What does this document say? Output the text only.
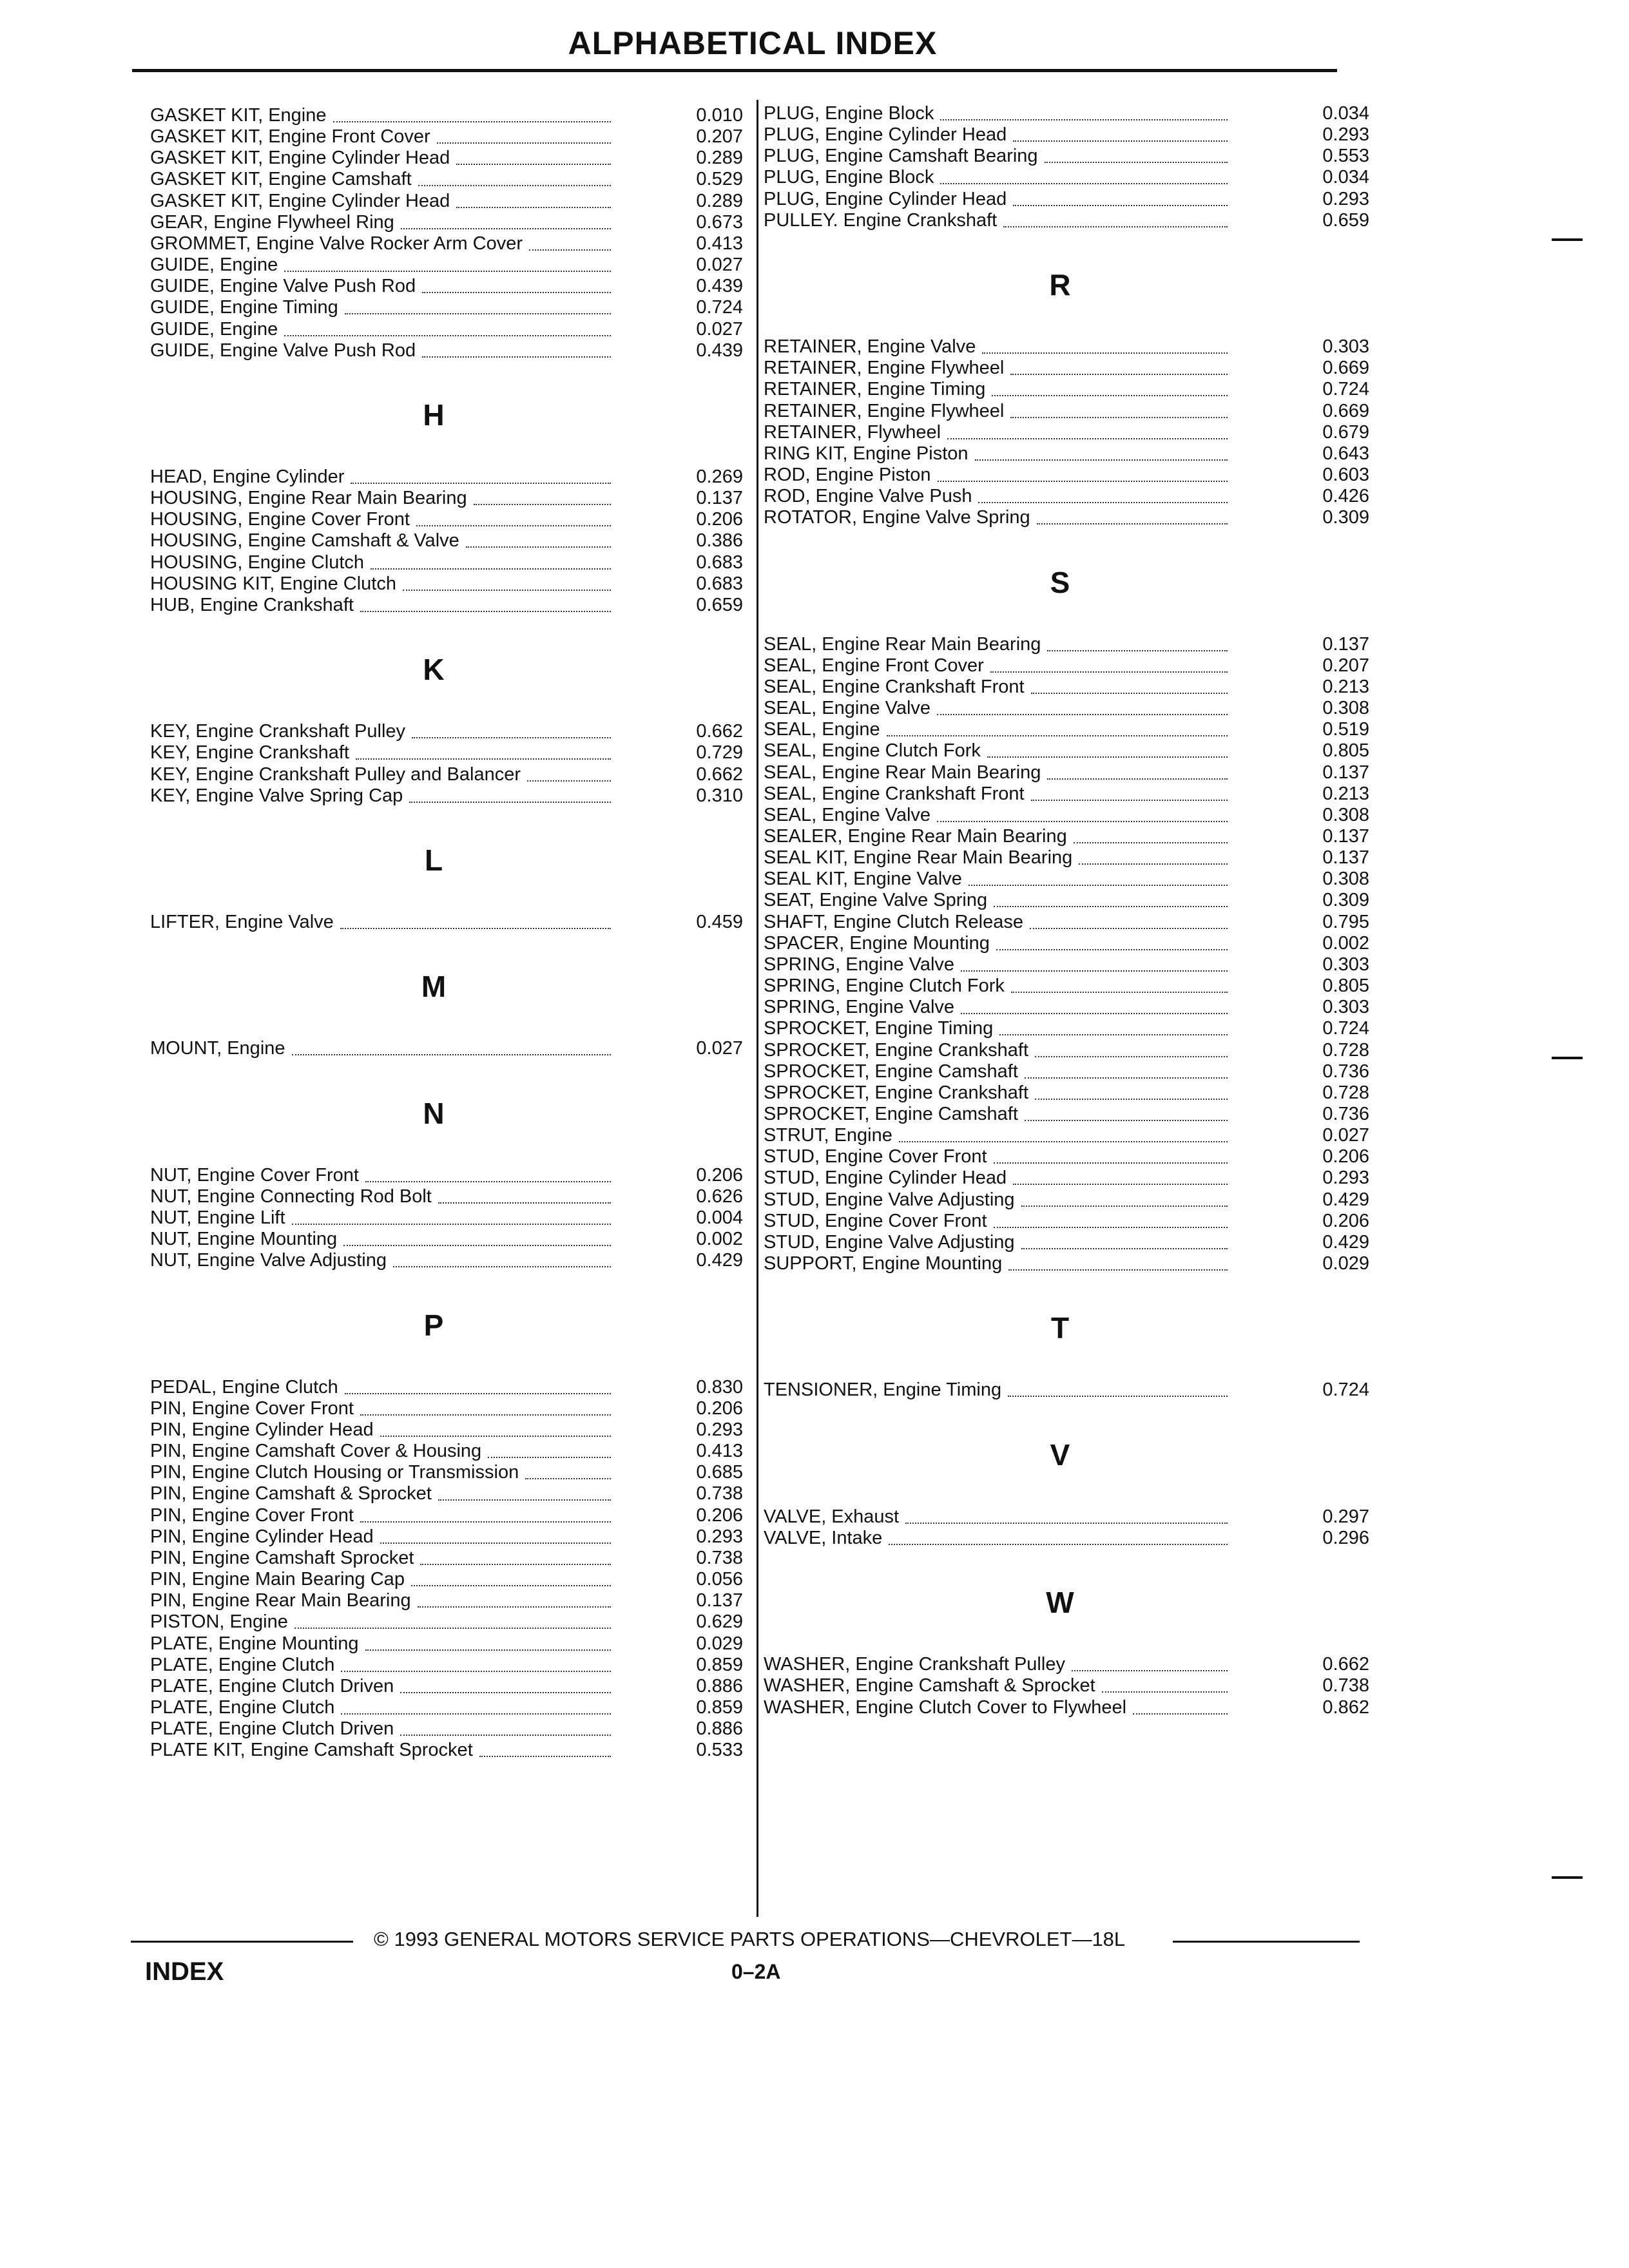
ALPHABETICAL INDEX
GASKET KIT, Engine	0.010
GASKET KIT, Engine Front Cover	0.207
GASKET KIT, Engine Cylinder Head	0.289
GASKET KIT, Engine Camshaft	0.529
GASKET KIT, Engine Cylinder Head	0.289
GEAR, Engine Flywheel Ring	0.673
GROMMET, Engine Valve Rocker Arm Cover	0.413
GUIDE, Engine	0.027
GUIDE, Engine Valve Push Rod	0.439
GUIDE, Engine Timing	0.724
GUIDE, Engine	0.027
GUIDE, Engine Valve Push Rod	0.439
H
HEAD, Engine Cylinder	0.269
HOUSING, Engine Rear Main Bearing	0.137
HOUSING, Engine Cover Front	0.206
HOUSING, Engine Camshaft & Valve	0.386
HOUSING, Engine Clutch	0.683
HOUSING KIT, Engine Clutch	0.683
HUB, Engine Crankshaft	0.659
K
KEY, Engine Crankshaft Pulley	0.662
KEY, Engine Crankshaft	0.729
KEY, Engine Crankshaft Pulley and Balancer	0.662
KEY, Engine Valve Spring Cap	0.310
L
LIFTER, Engine Valve	0.459
M
MOUNT, Engine	0.027
N
NUT, Engine Cover Front	0.206
NUT, Engine Connecting Rod Bolt	0.626
NUT, Engine Lift	0.004
NUT, Engine Mounting	0.002
NUT, Engine Valve Adjusting	0.429
P
PEDAL, Engine Clutch	0.830
PIN, Engine Cover Front	0.206
PIN, Engine Cylinder Head	0.293
PIN, Engine Camshaft Cover & Housing	0.413
PIN, Engine Clutch Housing or Transmission	0.685
PIN, Engine Camshaft & Sprocket	0.738
PIN, Engine Cover Front	0.206
PIN, Engine Cylinder Head	0.293
PIN, Engine Camshaft Sprocket	0.738
PIN, Engine Main Bearing Cap	0.056
PIN, Engine Rear Main Bearing	0.137
PISTON, Engine	0.629
PLATE, Engine Mounting	0.029
PLATE, Engine Clutch	0.859
PLATE, Engine Clutch Driven	0.886
PLATE, Engine Clutch	0.859
PLATE, Engine Clutch Driven	0.886
PLATE KIT, Engine Camshaft Sprocket	0.533
PLUG, Engine Block	0.034
PLUG, Engine Cylinder Head	0.293
PLUG, Engine Camshaft Bearing	0.553
PLUG, Engine Block	0.034
PLUG, Engine Cylinder Head	0.293
PULLEY. Engine Crankshaft	0.659
R
RETAINER, Engine Valve	0.303
RETAINER, Engine Flywheel	0.669
RETAINER, Engine Timing	0.724
RETAINER, Engine Flywheel	0.669
RETAINER, Flywheel	0.679
RING KIT, Engine Piston	0.643
ROD, Engine Piston	0.603
ROD, Engine Valve Push	0.426
ROTATOR, Engine Valve Spring	0.309
S
SEAL, Engine Rear Main Bearing	0.137
SEAL, Engine Front Cover	0.207
SEAL, Engine Crankshaft Front	0.213
SEAL, Engine Valve	0.308
SEAL, Engine	0.519
SEAL, Engine Clutch Fork	0.805
SEAL, Engine Rear Main Bearing	0.137
SEAL, Engine Crankshaft Front	0.213
SEAL, Engine Valve	0.308
SEALER, Engine Rear Main Bearing	0.137
SEAL KIT, Engine Rear Main Bearing	0.137
SEAL KIT, Engine Valve	0.308
SEAT, Engine Valve Spring	0.309
SHAFT, Engine Clutch Release	0.795
SPACER, Engine Mounting	0.002
SPRING, Engine Valve	0.303
SPRING, Engine Clutch Fork	0.805
SPRING, Engine Valve	0.303
SPROCKET, Engine Timing	0.724
SPROCKET, Engine Crankshaft	0.728
SPROCKET, Engine Camshaft	0.736
SPROCKET, Engine Crankshaft	0.728
SPROCKET, Engine Camshaft	0.736
STRUT, Engine	0.027
STUD, Engine Cover Front	0.206
STUD, Engine Cylinder Head	0.293
STUD, Engine Valve Adjusting	0.429
STUD, Engine Cover Front	0.206
STUD, Engine Valve Adjusting	0.429
SUPPORT, Engine Mounting	0.029
T
TENSIONER, Engine Timing	0.724
V
VALVE, Exhaust	0.297
VALVE, Intake	0.296
W
WASHER, Engine Crankshaft Pulley	0.662
WASHER, Engine Camshaft & Sprocket	0.738
WASHER, Engine Clutch Cover to Flywheel	0.862
© 1993 GENERAL MOTORS SERVICE PARTS OPERATIONS—CHEVROLET—18L
INDEX	0–2A
